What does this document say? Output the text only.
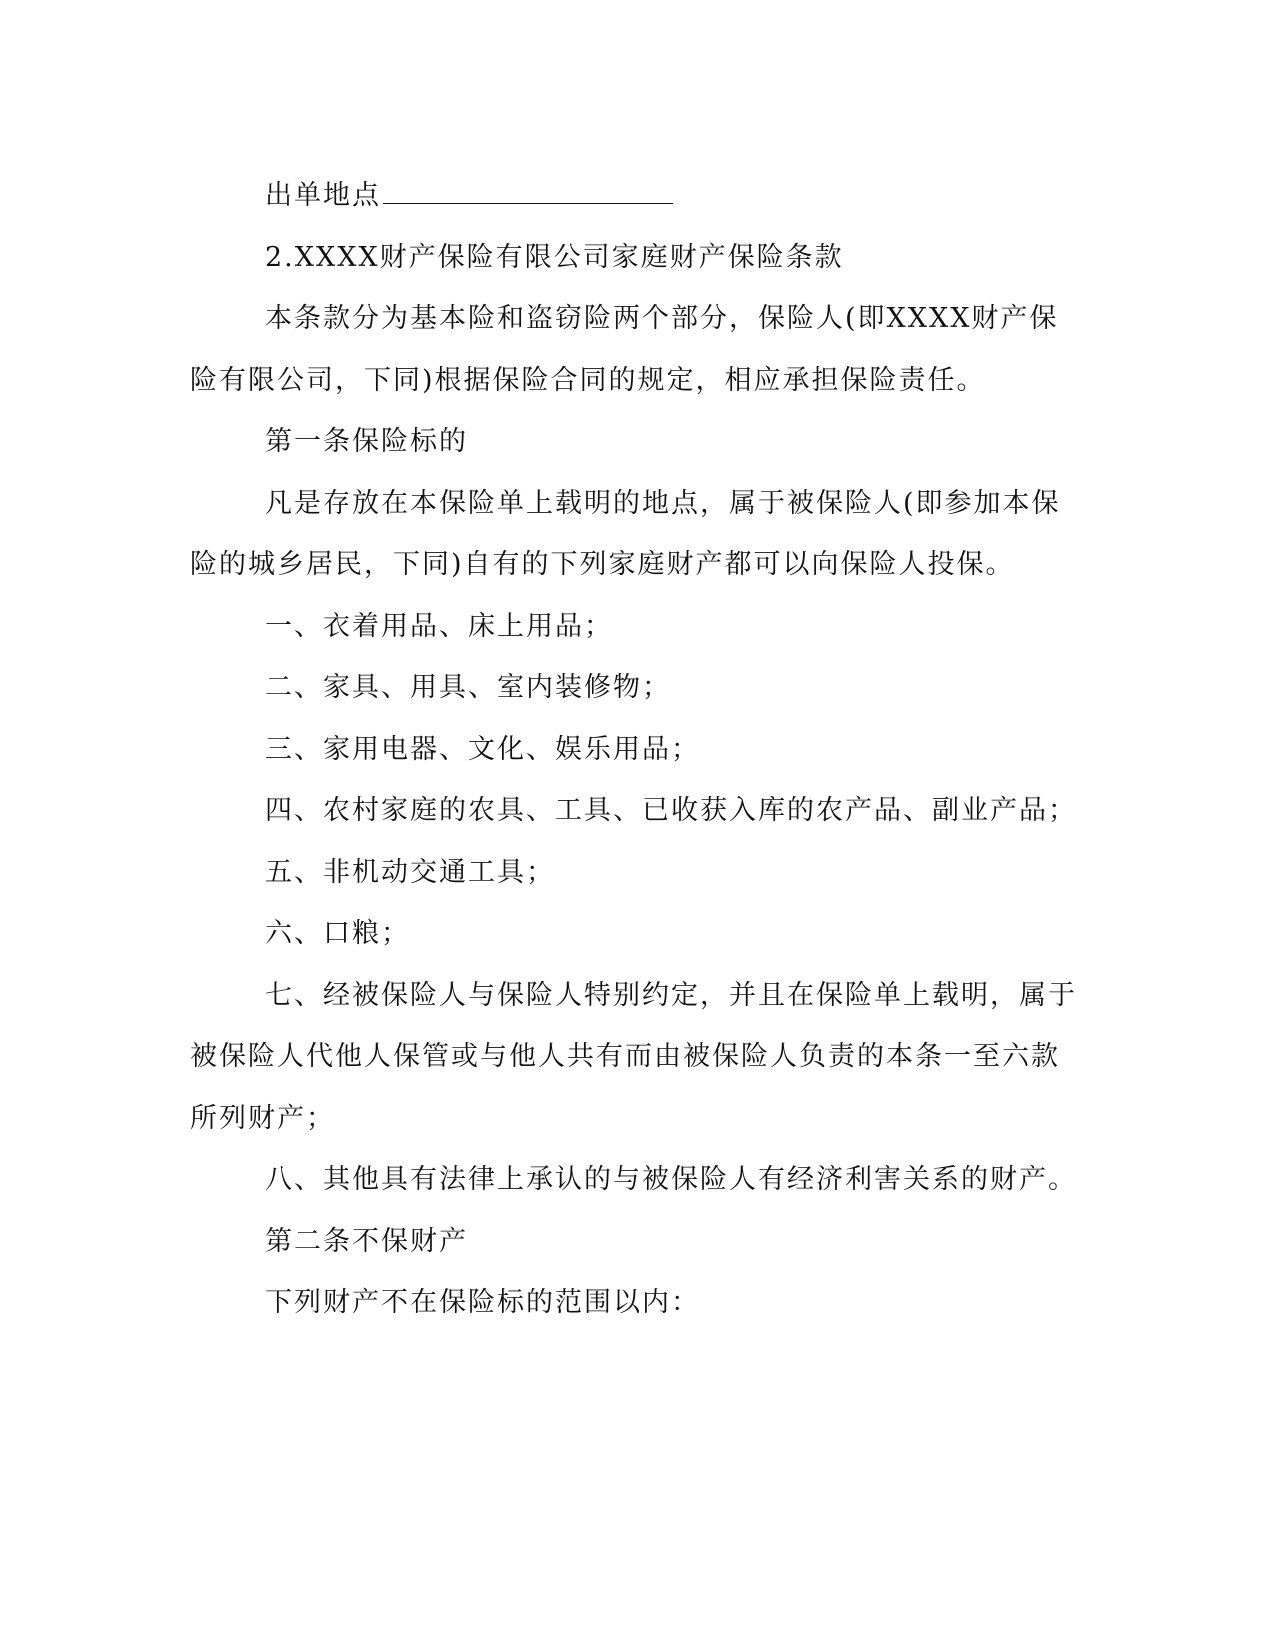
出单地点

2.XXXX财产保险有限公司家庭财产保险条款

本条款分为基本险和盗窃险两个部分，保险人(即XXXX财产保险有限公司，下同)根据保险合同的规定，相应承担保险责任。

第一条保险标的

凡是存放在本保险单上载明的地点，属于被保险人(即参加本保险的城乡居民，下同)自有的下列家庭财产都可以向保险人投保。

一、衣着用品、床上用品；

二、家具、用具、室内装修物；

三、家用电器、文化、娱乐用品；

四、农村家庭的农具、工具、已收获入库的农产品、副业产品；

五、非机动交通工具；

六、口粮；

七、经被保险人与保险人特别约定，并且在保险单上载明，属于被保险人代他人保管或与他人共有而由被保险人负责的本条一至六款所列财产；

八、其他具有法律上承认的与被保险人有经济利害关系的财产。

第二条不保财产

下列财产不在保险标的范围以内：
